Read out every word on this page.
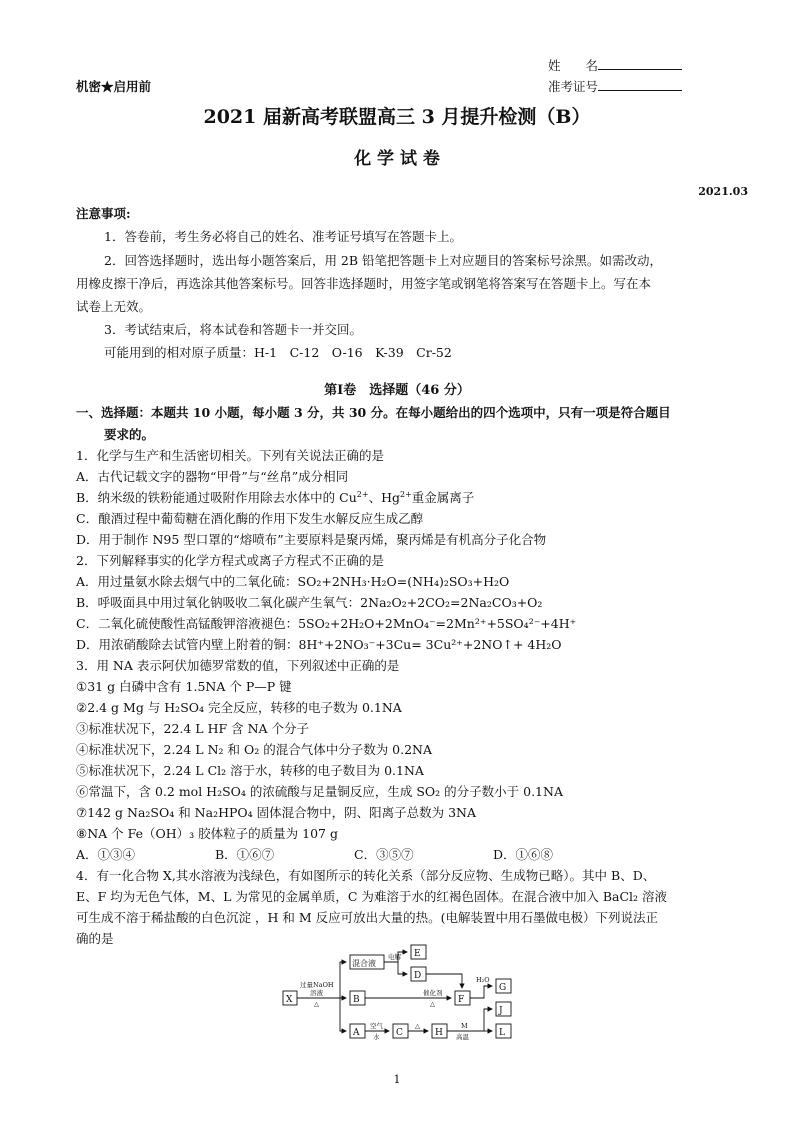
姓　　名
准考证号
机密★启用前
2021 届新高考联盟高三 3 月提升检测（B）
化 学 试 卷
2021.03
注意事项:
1．答卷前，考生务必将自己的姓名、准考证号填写在答题卡上。
2．回答选择题时，选出每小题答案后，用 2B 铅笔把答题卡上对应题目的答案标号涂黑。如需改动，
用橡皮擦干净后，再选涂其他答案标号。回答非选择题时，用签字笔或钢笔将答案写在答题卡上。写在本
试卷上无效。
3．考试结束后，将本试卷和答题卡一并交回。
可能用到的相对原子质量：H-1　C-12　O-16　K-39　Cr-52
第Ⅰ卷　选择题（46 分）
一、选择题：本题共 10 小题，每小题 3 分，共 30 分。在每小题给出的四个选项中，只有一项是符合题目
要求的。
1．化学与生产和生活密切相关。下列有关说法正确的是
A．古代记载文字的器物“甲骨”与“丝帛”成分相同
B．纳米级的铁粉能通过吸附作用除去水体中的 $Cu^{2+}$、$Hg^{2+}$重金属离子
C．酿酒过程中葡萄糖在酒化酶的作用下发生水解反应生成乙醇
D．用于制作 N95 型口罩的“熔喷布”主要原料是聚丙烯，聚丙烯是有机高分子化合物
2．下列解释事实的化学方程式或离子方程式不正确的是
A．用过量氨水除去烟气中的二氧化硫：SO₂+2NH₃·H₂O=(NH₄)₂SO₃+H₂O
B．呼吸面具中用过氧化钠吸收二氧化碳产生氧气：2Na₂O₂+2CO₂=2Na₂CO₃+O₂
C．二氧化硫使酸性高锰酸钾溶液褪色：5SO₂+2H₂O+2MnO₄⁻=2Mn²⁺+5SO₄²⁻+4H⁺
D．用浓硝酸除去试管内壁上附着的铜：8H⁺+2NO₃⁻+3Cu= 3Cu²⁺+2NO↑+ 4H₂O
3．用 NA 表示阿伏加德罗常数的值，下列叙述中正确的是
①31 g 白磷中含有 1.5NA 个 P—P 键
②2.4 g Mg 与 H₂SO₄ 完全反应，转移的电子数为 0.1NA
③标准状况下，22.4 L HF 含 NA 个分子
④标准状况下，2.24 L N₂ 和 O₂ 的混合气体中分子数为 0.2NA
⑤标准状况下，2.24 L Cl₂ 溶于水，转移的电子数目为 0.1NA
⑥常温下，含 0.2 mol H₂SO₄ 的浓硫酸与足量铜反应，生成 SO₂ 的分子数小于 0.1NA
⑦142 g Na₂SO₄ 和 Na₂HPO₄ 固体混合物中，阴、阳离子总数为 3NA
⑧NA 个 Fe（OH）₃ 胶体粒子的质量为 107 g
A．①③④	B．①⑥⑦	C．③⑤⑦	D．①⑥⑧
4．有一化合物 X,其水溶液为浅绿色，有如图所示的转化关系（部分反应物、生成物已略）。其中 B、D、
E、F 均为无色气体，M、L 为常见的金属单质，C 为难溶于水的红褐色固体。在混合液中加入 BaCl₂ 溶液
可生成不溶于稀盐酸的白色沉淀 ，H 和 M 反应可放出大量的热。(电解装置中用石墨做电极）下列说法正
确的是
X
混合液
E
D
B	F
G
J
A	C	H	L
过量NaOH
溶液
△
电解
催化剂
△
H₂O
空气
水
△	M
高温
1
